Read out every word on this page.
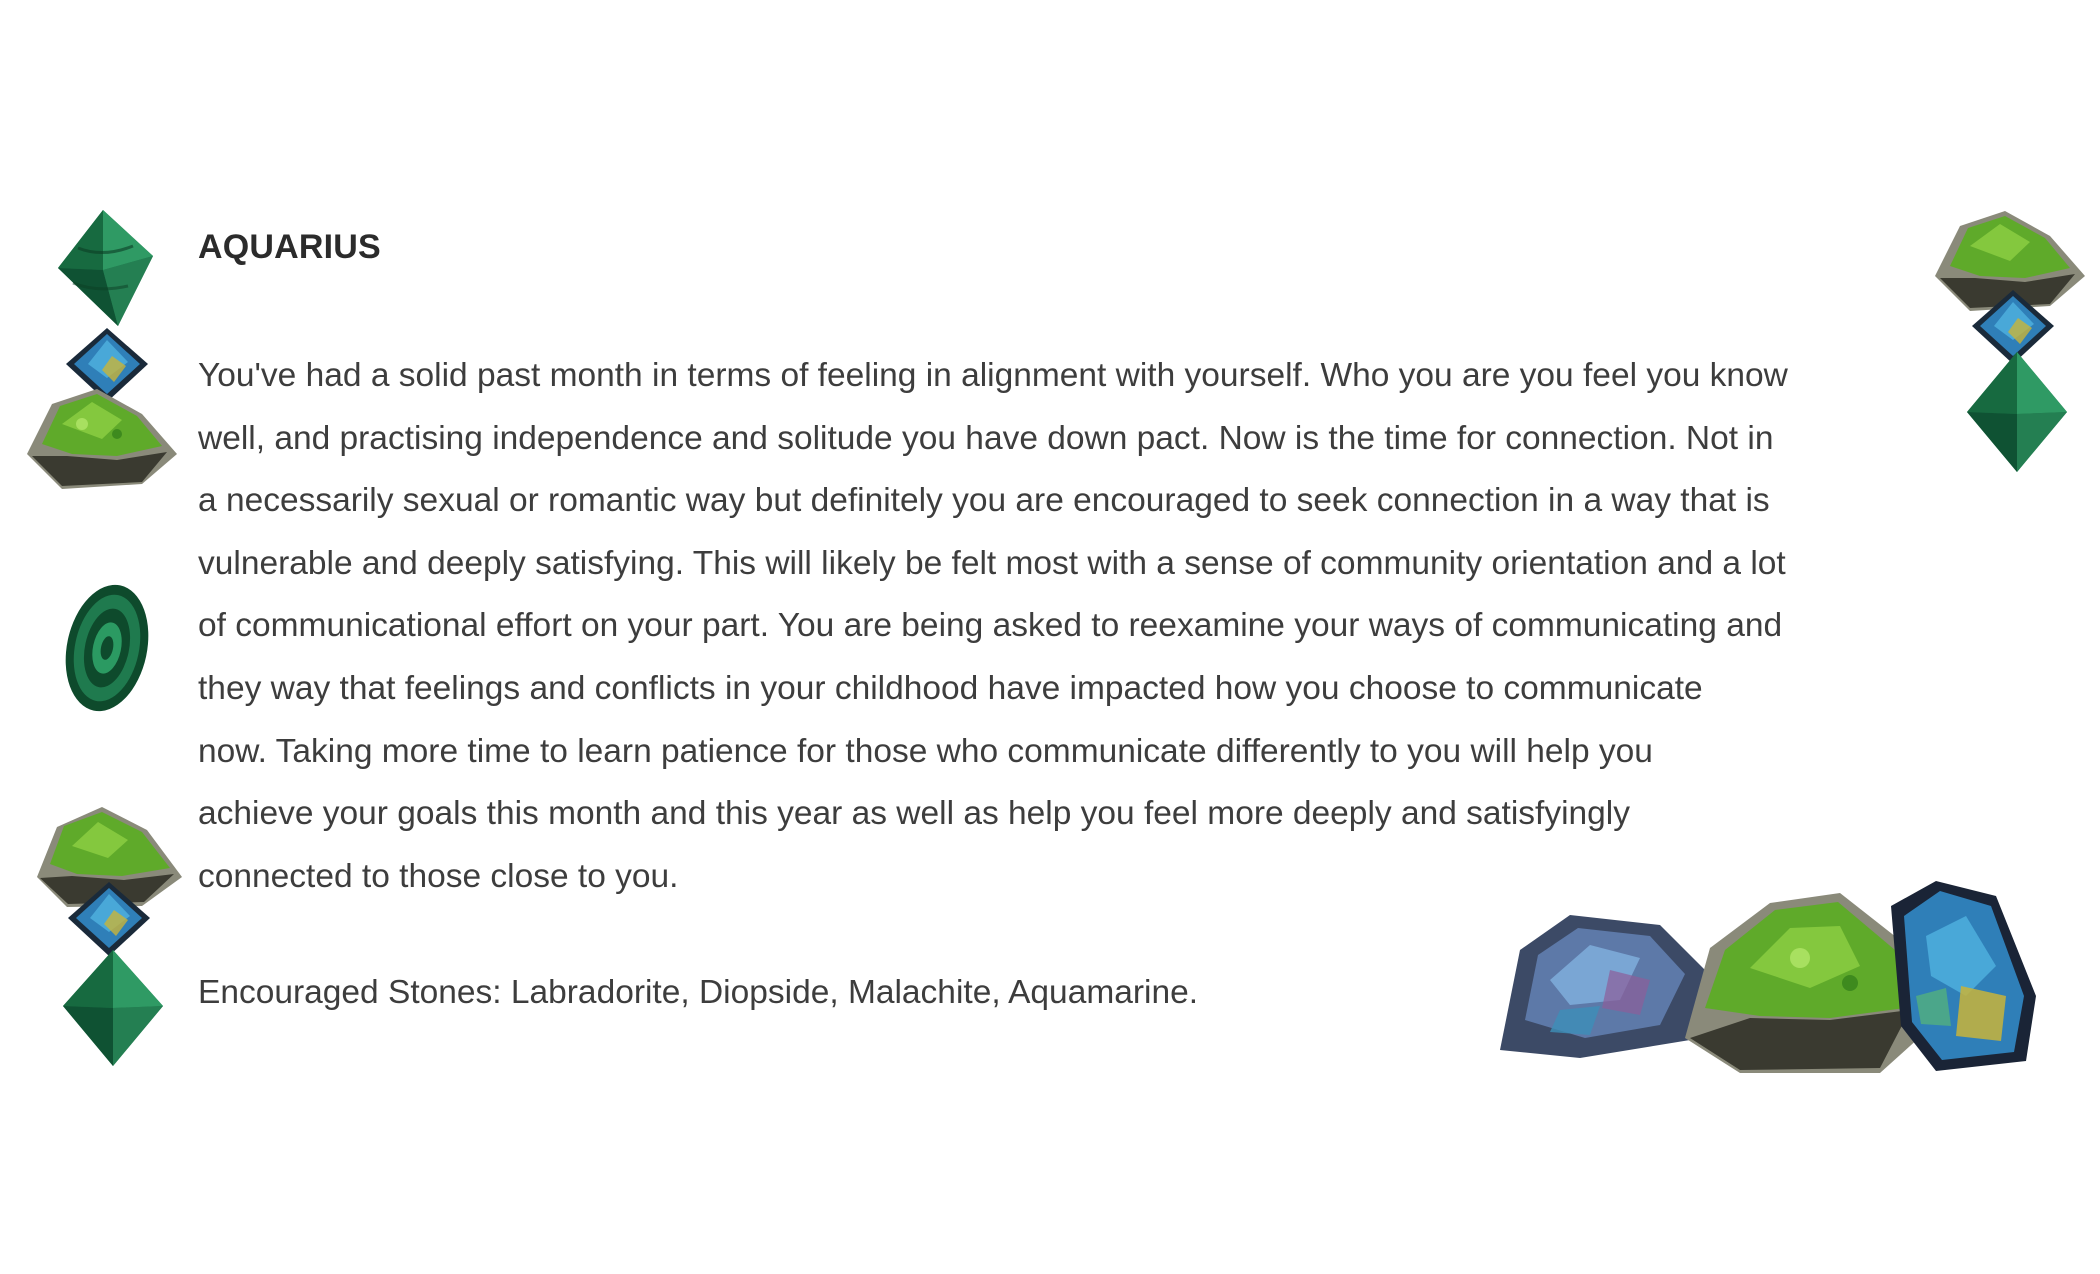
AQUARIUS

You've had a solid past month in terms of feeling in alignment with yourself. Who you are you feel you know
well, and practising independence and solitude you have down pact. Now is the time for connection. Not in
a necessarily sexual or romantic way but definitely you are encouraged to seek connection in a way that is
vulnerable and deeply satisfying. This will likely be felt most with a sense of community orientation and a lot
of communicational effort on your part. You are being asked to reexamine your ways of communicating and
they way that feelings and conflicts in your childhood have impacted how you choose to communicate
now. Taking more time to learn patience for those who communicate differently to you will help you
achieve your goals this month and this year as well as help you feel more deeply and satisfyingly
connected to those close to you.

Encouraged Stones: Labradorite, Diopside, Malachite, Aquamarine.
